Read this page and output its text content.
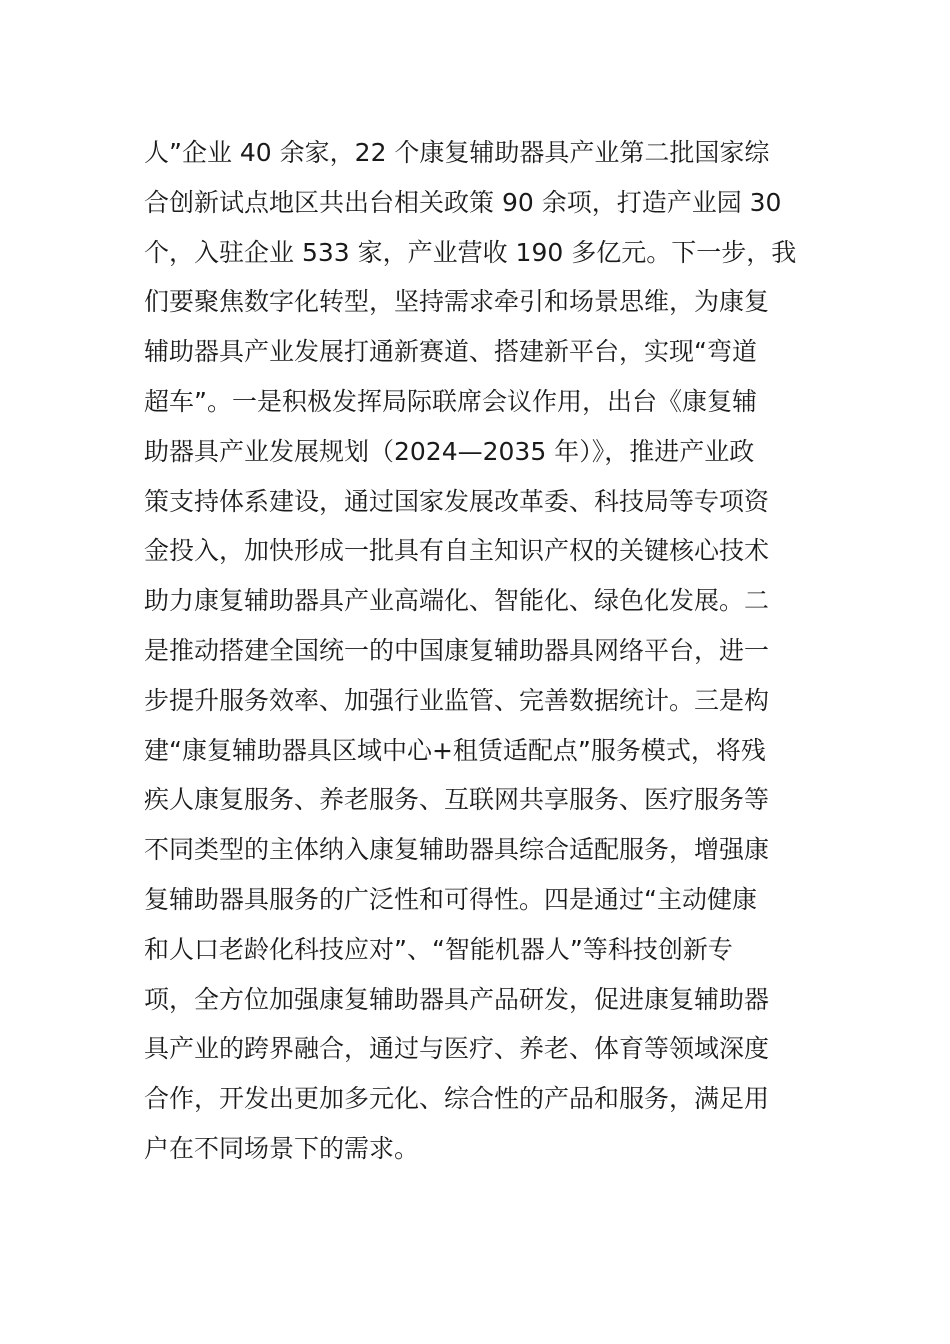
人”企业 40 余家，22 个康复辅助器具产业第二批国家综
合创新试点地区共出台相关政策 90 余项，打造产业园 30
个，入驻企业 533 家，产业营收 190 多亿元。下一步，我
们要聚焦数字化转型，坚持需求牵引和场景思维，为康复
辅助器具产业发展打通新赛道、搭建新平台，实现“弯道
超车”。一是积极发挥局际联席会议作用，出台《康复辅
助器具产业发展规划（2024—2035 年）》，推进产业政
策支持体系建设，通过国家发展改革委、科技局等专项资
金投入，加快形成一批具有自主知识产权的关键核心技术
助力康复辅助器具产业高端化、智能化、绿色化发展。二
是推动搭建全国统一的中国康复辅助器具网络平台，进一
步提升服务效率、加强行业监管、完善数据统计。三是构
建“康复辅助器具区域中心+租赁适配点”服务模式，将残
疾人康复服务、养老服务、互联网共享服务、医疗服务等
不同类型的主体纳入康复辅助器具综合适配服务，增强康
复辅助器具服务的广泛性和可得性。四是通过“主动健康
和人口老龄化科技应对”、“智能机器人”等科技创新专
项，全方位加强康复辅助器具产品研发，促进康复辅助器
具产业的跨界融合，通过与医疗、养老、体育等领域深度
合作，开发出更加多元化、综合性的产品和服务，满足用
户在不同场景下的需求。
